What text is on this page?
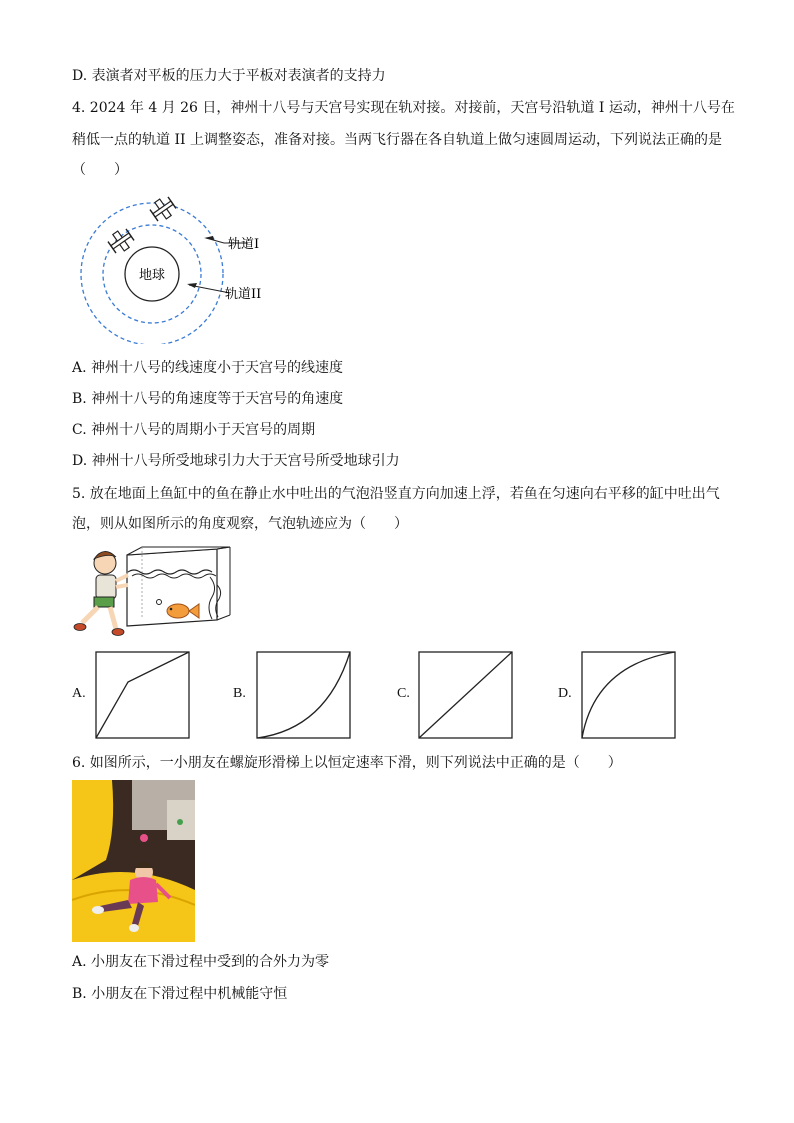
D. 表演者对平板的压力大于平板对表演者的支持力
4. 2024 年 4 月 26 日，神州十八号与天宫号实现在轨对接。对接前，天宫号沿轨道 I 运动，神州十八号在
稍低一点的轨道 II 上调整姿态，准备对接。当两飞行器在各自轨道上做匀速圆周运动，下列说法正确的是
（　　）
地球
轨道I
轨道II
A. 神州十八号的线速度小于天宫号的线速度
B. 神州十八号的角速度等于天宫号的角速度
C. 神州十八号的周期小于天宫号的周期
D. 神州十八号所受地球引力大于天宫号所受地球引力
5. 放在地面上鱼缸中的鱼在静止水中吐出的气泡沿竖直方向加速上浮，若鱼在匀速向右平移的缸中吐出气
泡，则从如图所示的角度观察，气泡轨迹应为（　　）
A.	B.	C.	D.
6. 如图所示，一小朋友在螺旋形滑梯上以恒定速率下滑，则下列说法中正确的是（　　）
A. 小朋友在下滑过程中受到的合外力为零
B. 小朋友在下滑过程中机械能守恒
